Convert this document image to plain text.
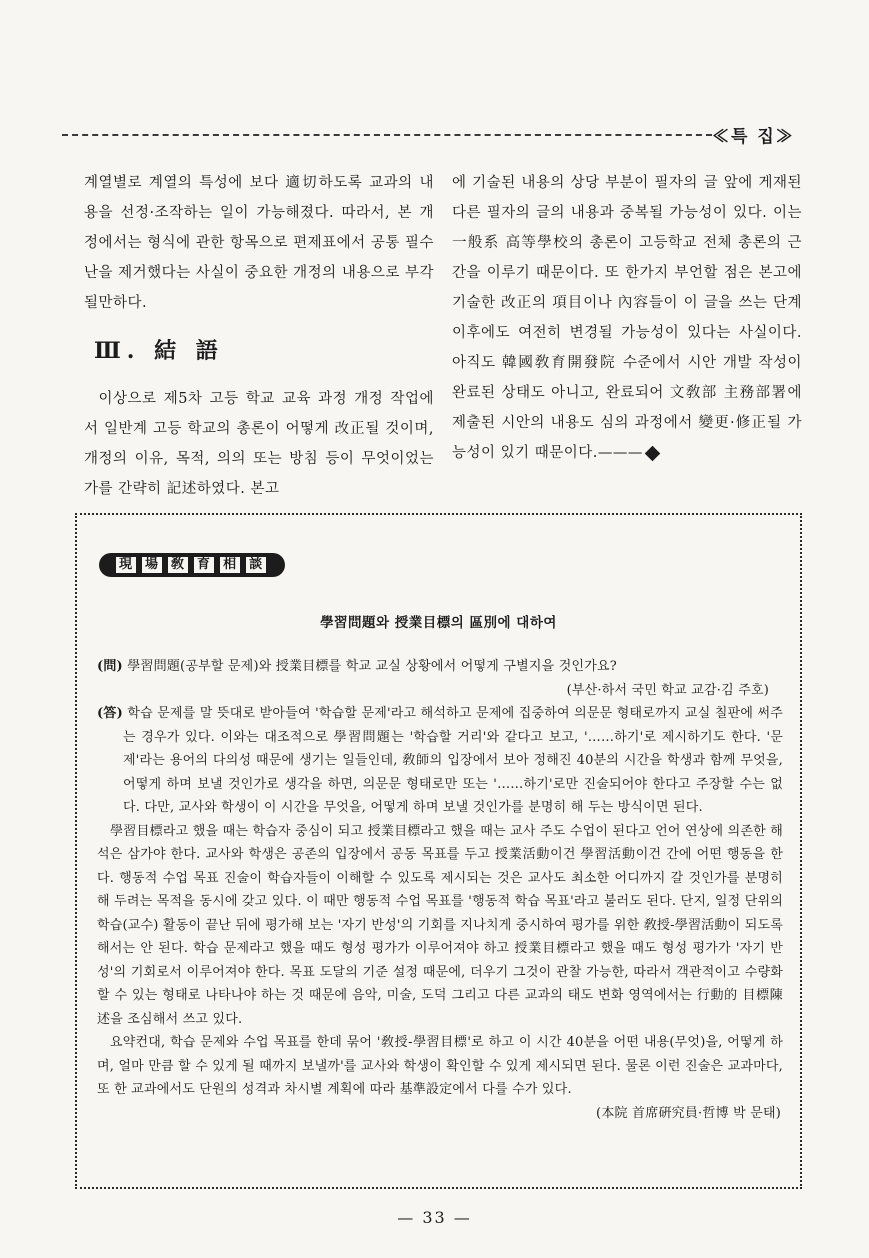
≪특 집≫

계열별로 계열의 특성에 보다 適切하도록 교과의 내용을 선정·조작하는 일이 가능해졌다. 따라서, 본 개정에서는 형식에 관한 항목으로 편제표에서 공통 필수난을 제거했다는 사실이 중요한 개정의 내용으로 부각될만하다.

Ⅲ. 結 語

이상으로 제5차 고등 학교 교육 과정 개정 작업에서 일반계 고등 학교의 총론이 어떻게 改正될 것이며, 개정의 이유, 목적, 의의 또는 방침 등이 무엇이었는가를 간략히 記述하였다. 본고

에 기술된 내용의 상당 부분이 필자의 글 앞에 게재된 다른 필자의 글의 내용과 중복될 가능성이 있다. 이는 一般系 高等學校의 총론이 고등학교 전체 총론의 근간을 이루기 때문이다. 또 한가지 부언할 점은 본고에 기술한 改正의 項目이나 內容들이 이 글을 쓰는 단계 이후에도 여전히 변경될 가능성이 있다는 사실이다. 아직도 韓國敎育開發院 수준에서 시안 개발 작성이 완료된 상태도 아니고, 완료되어 文敎部 主務部署에 제출된 시안의 내용도 심의 과정에서 變更·修正될 가능성이 있기 때문이다.———

現 場 敎 育 相 談
學習問題와 授業目標의 區別에 대하여

(問) 學習問題(공부할 문제)와 授業目標를 학교 교실 상황에서 어떻게 구별지을 것인가요?

(부산·하서 국민 학교 교감·김 주호)

(答) 학습 문제를 말 뜻대로 받아들여 '학습할 문제'라고 해석하고 문제에 집중하여 의문문 형태로까지 교실 칠판에 써주는 경우가 있다. 이와는 대조적으로 學習問題는 '학습할 거리'와 같다고 보고, '……하기'로 제시하기도 한다. '문제'라는 용어의 다의성 때문에 생기는 일들인데, 敎師의 입장에서 보아 정해진 40분의 시간을 학생과 함께 무엇을, 어떻게 하며 보낼 것인가로 생각을 하면, 의문문 형태로만 또는 '……하기'로만 진술되어야 한다고 주장할 수는 없다. 다만, 교사와 학생이 이 시간을 무엇을, 어떻게 하며 보낼 것인가를 분명히 해 두는 방식이면 된다.

學習目標라고 했을 때는 학습자 중심이 되고 授業目標라고 했을 때는 교사 주도 수업이 된다고 언어 연상에 의존한 해석은 삼가야 한다. 교사와 학생은 공존의 입장에서 공동 목표를 두고 授業活動이건 學習活動이건 간에 어떤 행동을 한다. 행동적 수업 목표 진술이 학습자들이 이해할 수 있도록 제시되는 것은 교사도 최소한 어디까지 갈 것인가를 분명히 해 두려는 목적을 동시에 갖고 있다. 이 때만 행동적 수업 목표를 '행동적 학습 목표'라고 불러도 된다. 단지, 일정 단위의 학습(교수) 활동이 끝난 뒤에 평가해 보는 '자기 반성'의 기회를 지나치게 중시하여 평가를 위한 敎授-學習活動이 되도록 해서는 안 된다. 학습 문제라고 했을 때도 형성 평가가 이루어져야 하고 授業目標라고 했을 때도 형성 평가가 '자기 반성'의 기회로서 이루어져야 한다. 목표 도달의 기준 설정 때문에, 더우기 그것이 관찰 가능한, 따라서 객관적이고 수량화할 수 있는 형태로 나타나야 하는 것 때문에 음악, 미술, 도덕 그리고 다른 교과의 태도 변화 영역에서는 行動的 目標陳述을 조심해서 쓰고 있다.

요약컨대, 학습 문제와 수업 목표를 한데 묶어 '敎授-學習目標'로 하고 이 시간 40분을 어떤 내용(무엇)을, 어떻게 하며, 얼마 만큼 할 수 있게 될 때까지 보낼까'를 교사와 학생이 확인할 수 있게 제시되면 된다. 물론 이런 진술은 교과마다, 또 한 교과에서도 단원의 성격과 차시별 계획에 따라 基準設定에서 다를 수가 있다.

(本院 首席硏究員·哲博 박 문태)

— 33 —
